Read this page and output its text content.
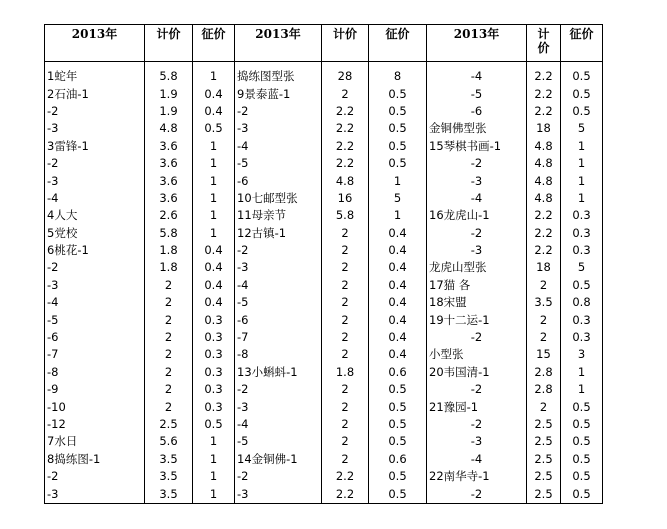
2013年	计价	征价	2013年	计价	征价	2013年	计
价	征价
1蛇年	5.8	1	捣练图型张	28	8	-4	2.2	0.5
2石油-1	1.9	0.4	9景泰蓝-1	2	0.5	-5	2.2	0.5
-2	1.9	0.4	-2	2.2	0.5	-6	2.2	0.5
-3	4.8	0.5	-3	2.2	0.5	金铜佛型张	18	5
3雷锋-1	3.6	1	-4	2.2	0.5	15琴棋书画-1	4.8	1
-2	3.6	1	-5	2.2	0.5	-2	4.8	1
-3	3.6	1	-6	4.8	1	-3	4.8	1
-4	3.6	1	10七邮型张	16	5	-4	4.8	1
4人大	2.6	1	11母亲节	5.8	1	16龙虎山-1	2.2	0.3
5党校	5.8	1	12古镇-1	2	0.4	-2	2.2	0.3
6桃花-1	1.8	0.4	-2	2	0.4	-3	2.2	0.3
-2	1.8	0.4	-3	2	0.4	龙虎山型张	18	5
-3	2	0.4	-4	2	0.4	17猫 各	2	0.5
-4	2	0.4	-5	2	0.4	18宋盟	3.5	0.8
-5	2	0.3	-6	2	0.4	19十二运-1	2	0.3
-6	2	0.3	-7	2	0.4	-2	2	0.3
-7	2	0.3	-8	2	0.4	小型张	15	3
-8	2	0.3	13小蝌蚪-1	1.8	0.6	20韦国清-1	2.8	1
-9	2	0.3	-2	2	0.5	-2	2.8	1
-10	2	0.3	-3	2	0.5	21豫园-1	2	0.5
-12	2.5	0.5	-4	2	0.5	-2	2.5	0.5
7水日	5.6	1	-5	2	0.5	-3	2.5	0.5
8捣练图-1	3.5	1	14金铜佛-1	2	0.6	-4	2.5	0.5
-2	3.5	1	-2	2.2	0.5	22南华寺-1	2.5	0.5
-3	3.5	1	-3	2.2	0.5	-2	2.5	0.5
